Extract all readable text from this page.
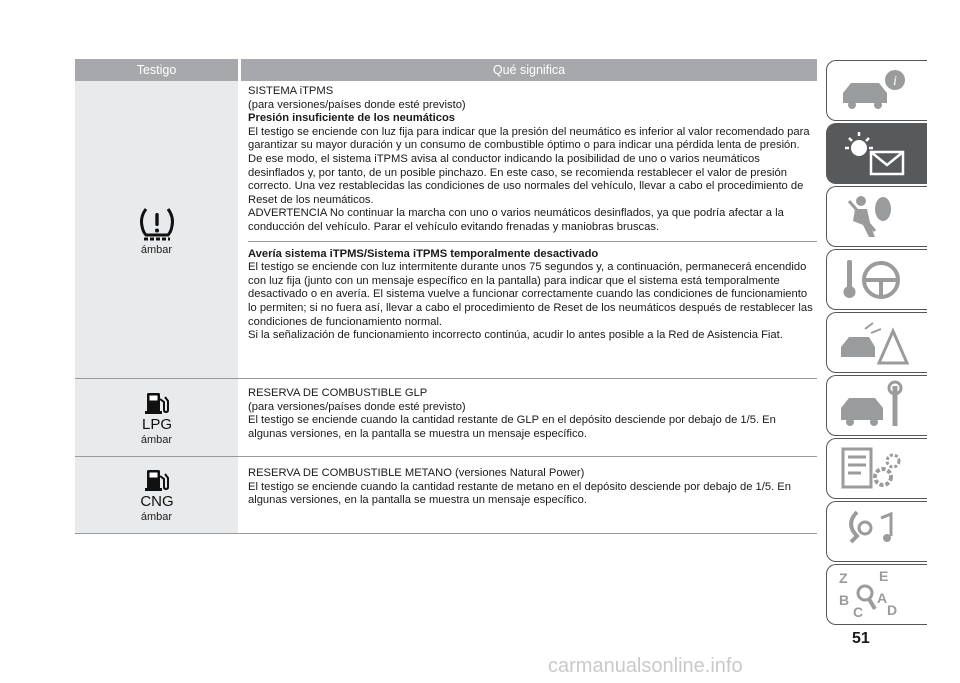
Testigo	Qué significa
ámbar

SISTEMA iTPMS

(para versiones/países donde esté previsto)

Presión insuficiente de los neumáticos

El testigo se enciende con luz fija para indicar que la presión del neumático es inferior al valor recomendado para garantizar su mayor duración y un consumo de combustible óptimo o para indicar una pérdida lenta de presión.

De ese modo, el sistema iTPMS avisa al conductor indicando la posibilidad de uno o varios neumáticos desinflados y, por tanto, de un posible pinchazo. En este caso, se recomienda restablecer el valor de presión correcto. Una vez restablecidas las condiciones de uso normales del vehículo, llevar a cabo el procedimiento de Reset de los neumáticos.

ADVERTENCIA No continuar la marcha con uno o varios neumáticos desinflados, ya que podría afectar a la conducción del vehículo. Parar el vehículo evitando frenadas y maniobras bruscas.

Avería sistema iTPMS/Sistema iTPMS temporalmente desactivado

El testigo se enciende con luz intermitente durante unos 75 segundos y, a continuación, permanecerá encendido con luz fija (junto con un mensaje específico en la pantalla) para indicar que el sistema está temporalmente desactivado o en avería. El sistema vuelve a funcionar correctamente cuando las condiciones de funcionamiento lo permiten; si no fuera así, llevar a cabo el procedimiento de Reset de los neumáticos después de restablecer las condiciones de funcionamiento normal.

Si la señalización de funcionamiento incorrecto continúa, acudir lo antes posible a la Red de Asistencia Fiat.

LPG
ámbar

RESERVA DE COMBUSTIBLE GLP

(para versiones/países donde esté previsto)

El testigo se enciende cuando la cantidad restante de GLP en el depósito desciende por debajo de 1/5. En algunas versiones, en la pantalla se muestra un mensaje específico.

CNG
ámbar

RESERVA DE COMBUSTIBLE METANO (versiones Natural Power)

El testigo se enciende cuando la cantidad restante de metano en el depósito desciende por debajo de 1/5. En algunas versiones, en la pantalla se muestra un mensaje específico.

i
Z E
B A
C D
51
carmanualsonline.info
